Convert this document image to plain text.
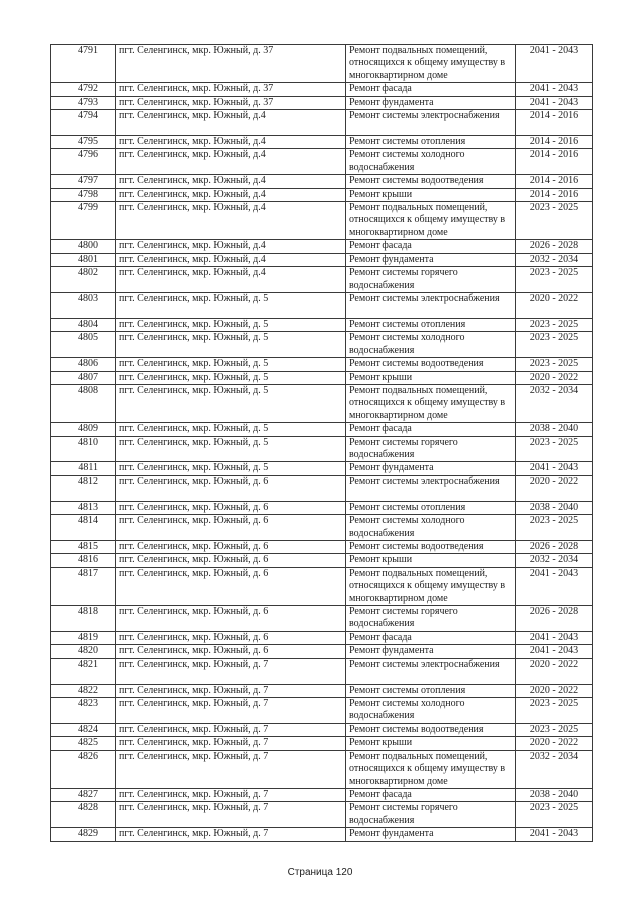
4791	пгт. Селенгинск, мкр. Южный, д. 37	Ремонт подвальных помещений, относящихся к общему имуществу в многоквартирном доме	2041 - 2043
4792	пгт. Селенгинск, мкр. Южный, д. 37	Ремонт фасада	2041 - 2043
4793	пгт. Селенгинск, мкр. Южный, д. 37	Ремонт фундамента	2041 - 2043
4794	пгт. Селенгинск, мкр. Южный, д.4	Ремонт системы электроснабжения	2014 - 2016
4795	пгт. Селенгинск, мкр. Южный, д.4	Ремонт системы отопления	2014 - 2016
4796	пгт. Селенгинск, мкр. Южный, д.4	Ремонт системы холодного водоснабжения	2014 - 2016
4797	пгт. Селенгинск, мкр. Южный, д.4	Ремонт системы водоотведения	2014 - 2016
4798	пгт. Селенгинск, мкр. Южный, д.4	Ремонт крыши	2014 - 2016
4799	пгт. Селенгинск, мкр. Южный, д.4	Ремонт подвальных помещений, относящихся к общему имуществу в многоквартирном доме	2023 - 2025
4800	пгт. Селенгинск, мкр. Южный, д.4	Ремонт фасада	2026 - 2028
4801	пгт. Селенгинск, мкр. Южный, д.4	Ремонт фундамента	2032 - 2034
4802	пгт. Селенгинск, мкр. Южный, д.4	Ремонт системы горячего водоснабжения	2023 - 2025
4803	пгт. Селенгинск, мкр. Южный, д. 5	Ремонт системы электроснабжения	2020 - 2022
4804	пгт. Селенгинск, мкр. Южный, д. 5	Ремонт системы отопления	2023 - 2025
4805	пгт. Селенгинск, мкр. Южный, д. 5	Ремонт системы холодного водоснабжения	2023 - 2025
4806	пгт. Селенгинск, мкр. Южный, д. 5	Ремонт системы водоотведения	2023 - 2025
4807	пгт. Селенгинск, мкр. Южный, д. 5	Ремонт крыши	2020 - 2022
4808	пгт. Селенгинск, мкр. Южный, д. 5	Ремонт подвальных помещений, относящихся к общему имуществу в многоквартирном доме	2032 - 2034
4809	пгт. Селенгинск, мкр. Южный, д. 5	Ремонт фасада	2038 - 2040
4810	пгт. Селенгинск, мкр. Южный, д. 5	Ремонт системы горячего водоснабжения	2023 - 2025
4811	пгт. Селенгинск, мкр. Южный, д. 5	Ремонт фундамента	2041 - 2043
4812	пгт. Селенгинск, мкр. Южный, д. 6	Ремонт системы электроснабжения	2020 - 2022
4813	пгт. Селенгинск, мкр. Южный, д. 6	Ремонт системы отопления	2038 - 2040
4814	пгт. Селенгинск, мкр. Южный, д. 6	Ремонт системы холодного водоснабжения	2023 - 2025
4815	пгт. Селенгинск, мкр. Южный, д. 6	Ремонт системы водоотведения	2026 - 2028
4816	пгт. Селенгинск, мкр. Южный, д. 6	Ремонт крыши	2032 - 2034
4817	пгт. Селенгинск, мкр. Южный, д. 6	Ремонт подвальных помещений, относящихся к общему имуществу в многоквартирном доме	2041 - 2043
4818	пгт. Селенгинск, мкр. Южный, д. 6	Ремонт системы горячего водоснабжения	2026 - 2028
4819	пгт. Селенгинск, мкр. Южный, д. 6	Ремонт фасада	2041 - 2043
4820	пгт. Селенгинск, мкр. Южный, д. 6	Ремонт фундамента	2041 - 2043
4821	пгт. Селенгинск, мкр. Южный, д. 7	Ремонт системы электроснабжения	2020 - 2022
4822	пгт. Селенгинск, мкр. Южный, д. 7	Ремонт системы отопления	2020 - 2022
4823	пгт. Селенгинск, мкр. Южный, д. 7	Ремонт системы холодного водоснабжения	2023 - 2025
4824	пгт. Селенгинск, мкр. Южный, д. 7	Ремонт системы водоотведения	2023 - 2025
4825	пгт. Селенгинск, мкр. Южный, д. 7	Ремонт крыши	2020 - 2022
4826	пгт. Селенгинск, мкр. Южный, д. 7	Ремонт подвальных помещений, относящихся к общему имуществу в многоквартирном доме	2032 - 2034
4827	пгт. Селенгинск, мкр. Южный, д. 7	Ремонт фасада	2038 - 2040
4828	пгт. Селенгинск, мкр. Южный, д. 7	Ремонт системы горячего водоснабжения	2023 - 2025
4829	пгт. Селенгинск, мкр. Южный, д. 7	Ремонт фундамента	2041 - 2043
Страница 120
